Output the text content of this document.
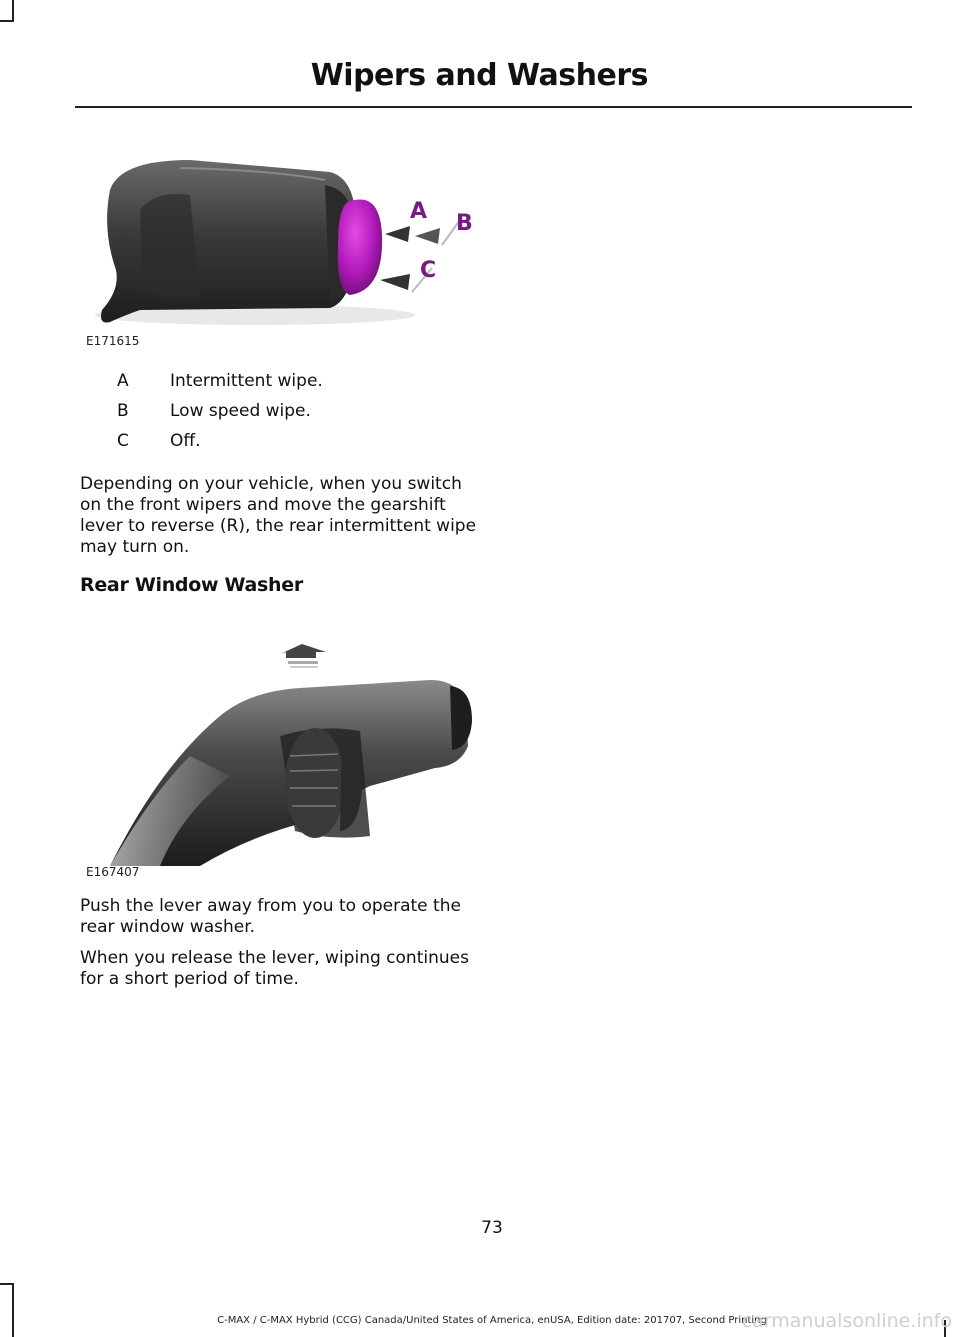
Wipers and Washers
A B
C
E171615
A	Intermittent wipe.
B	Low speed wipe.
C	Off.

Depending on your vehicle, when you switch on the front wipers and move the gearshift lever to reverse (R), the rear intermittent wipe may turn on.

Rear Window Washer
E167407

Push the lever away from you to operate the rear window washer.

When you release the lever, wiping continues for a short period of time.

73
C-MAX / C-MAX Hybrid (CCG) Canada/United States of America, enUSA, Edition date: 201707, Second Printing
carmanualsonline.info
